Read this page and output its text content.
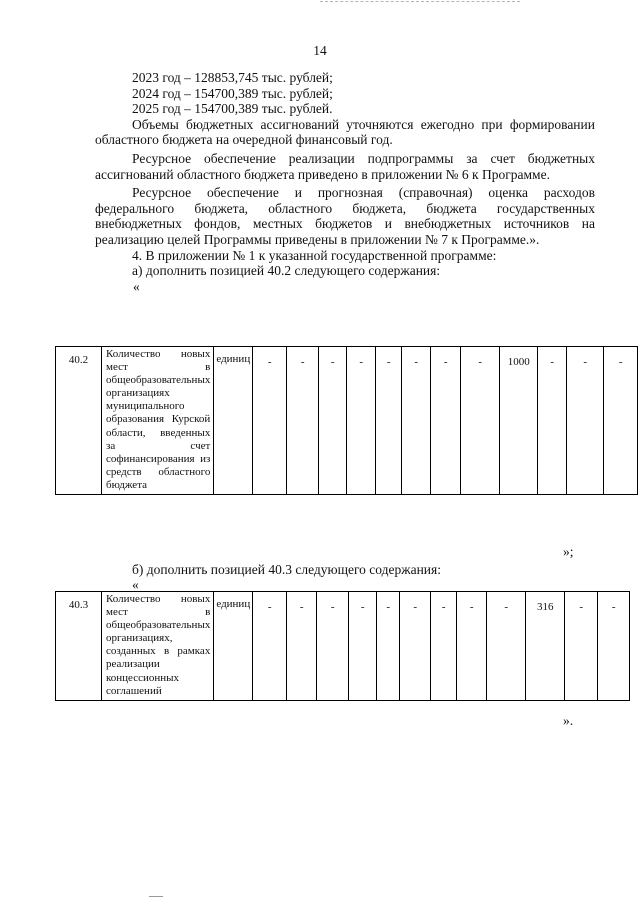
14

2023 год – 128853,745 тыс. рублей;

2024 год – 154700,389 тыс. рублей;

2025 год – 154700,389 тыс. рублей.

Объемы бюджетных ассигнований уточняются ежегодно при формировании областного бюджета на очередной финансовый год.

Ресурсное обеспечение реализации подпрограммы за счет бюджетных ассигнований областного бюджета приведено в приложении № 6 к Программе.

Ресурсное обеспечение и прогнозная (справочная) оценка расходов федерального бюджета, областного бюджета, бюджета государственных внебюджетных фондов, местных бюджетов и внебюджетных источников на реализацию целей Программы приведены в приложении № 7 к Программе.».

4. В приложении № 1 к указанной государственной программе:

а) дополнить позицией 40.2 следующего содержания:

«

40.2	Количество новых мест в общеобразовательных организациях муниципального образования Курской области, введенных за счет софинансирования из средств областного бюджета	единиц	-	-	-	-	-	-	-	-	1000	-	-	-
»;
б) дополнить позицией 40.3 следующего содержания:
«
40.3	Количество новых мест в общеобразовательных организациях, созданных в рамках реализации концессионных соглашений	единиц	-	-	-	-	-	-	-	-	-	316	-	-
».
